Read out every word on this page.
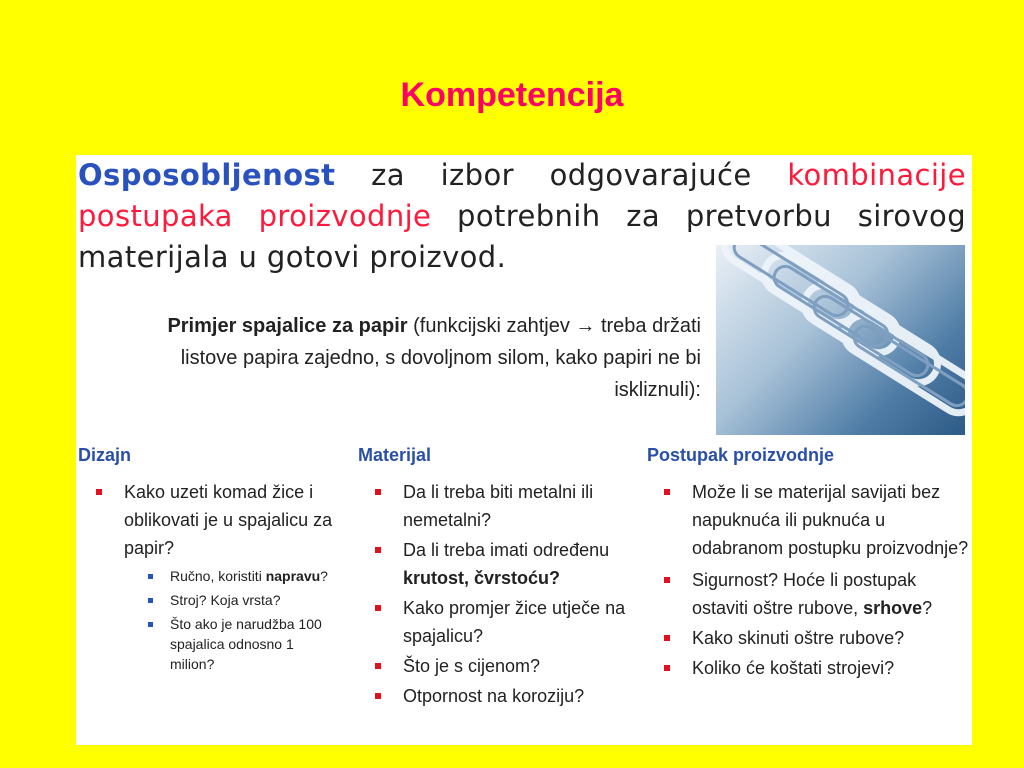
Kompetencija
Osposobljenost za izbor odgovarajuće kombinacije postupaka proizvodnje potrebnih za pretvorbu sirovog materijala u gotovi proizvod.
Primjer spajalice za papir (funkcijski zahtjev → treba držati listove papira zajedno, s dovoljnom silom, kako papiri ne bi iskliznuli):
Dizajn
Kako uzeti komad žice i oblikovati je u spajalicu za papir?
Ručno, koristiti napravu?
Stroj? Koja vrsta?
Što ako je narudžba 100 spajalica odnosno 1 milion?
Materijal
Da li treba biti metalni ili nemetalni?
Da li treba imati određenu krutost, čvrstoću?
Kako promjer žice utječe na spajalicu?
Što je s cijenom?
Otpornost na koroziju?
Postupak proizvodnje
Može li se materijal savijati bez napuknuća ili puknuća u odabranom postupku proizvodnje?
Sigurnost? Hoće li postupak ostaviti oštre rubove, srhove?
Kako skinuti oštre rubove?
Koliko će koštati strojevi?
